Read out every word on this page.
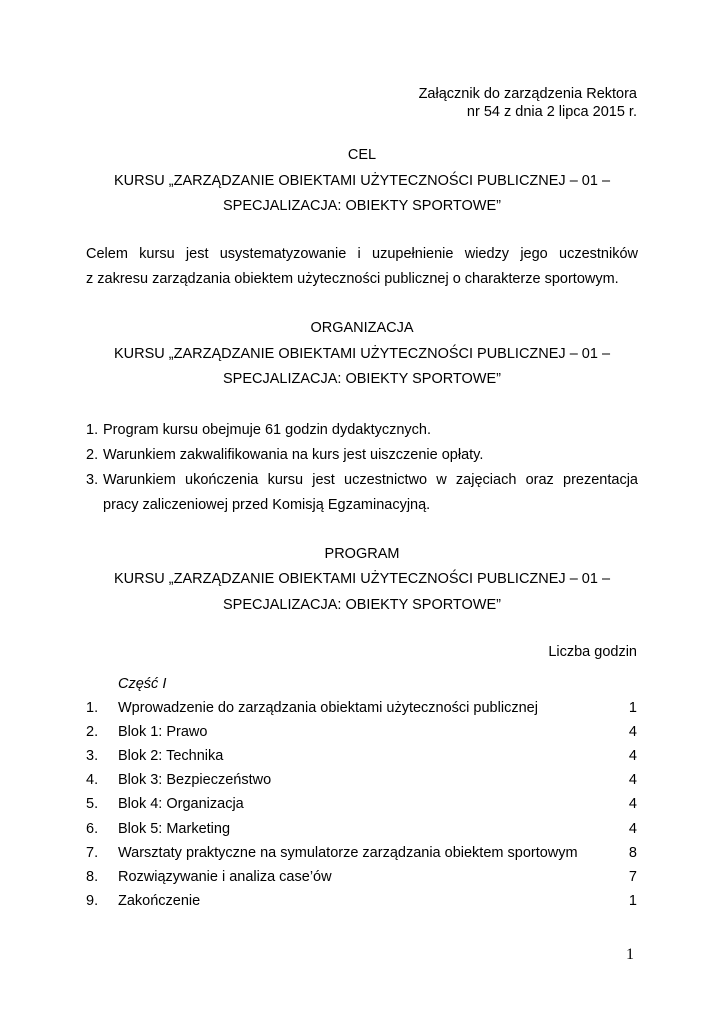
Załącznik do zarządzenia Rektora
nr 54 z dnia 2 lipca 2015 r.
CEL
KURSU „ZARZĄDZANIE OBIEKTAMI UŻYTECZNOŚCI PUBLICZNEJ – 01 –
SPECJALIZACJA: OBIEKTY SPORTOWE”
Celem kursu jest usystematyzowanie i uzupełnienie wiedzy jego uczestników
z zakresu zarządzania obiektem użyteczności publicznej o charakterze sportowym.
ORGANIZACJA
KURSU „ZARZĄDZANIE OBIEKTAMI UŻYTECZNOŚCI PUBLICZNEJ – 01 –
SPECJALIZACJA: OBIEKTY SPORTOWE”
1. Program kursu obejmuje 61 godzin dydaktycznych.
2. Warunkiem zakwalifikowania na kurs jest uiszczenie opłaty.
3. Warunkiem ukończenia kursu jest uczestnictwo w zajęciach oraz prezentacja
pracy zaliczeniowej przed Komisją Egzaminacyjną.
PROGRAM
KURSU „ZARZĄDZANIE OBIEKTAMI UŻYTECZNOŚCI PUBLICZNEJ – 01 –
SPECJALIZACJA: OBIEKTY SPORTOWE”
Liczba godzin
Część I
1. Wprowadzenie do zarządzania obiektami użyteczności publicznej	1
2. Blok 1: Prawo	4
3. Blok 2: Technika	4
4. Blok 3: Bezpieczeństwo	4
5. Blok 4: Organizacja	4
6. Blok 5: Marketing	4
7. Warsztaty praktyczne na symulatorze zarządzania obiektem sportowym	8
8. Rozwiązywanie i analiza case’ów	7
9. Zakończenie	1
1
